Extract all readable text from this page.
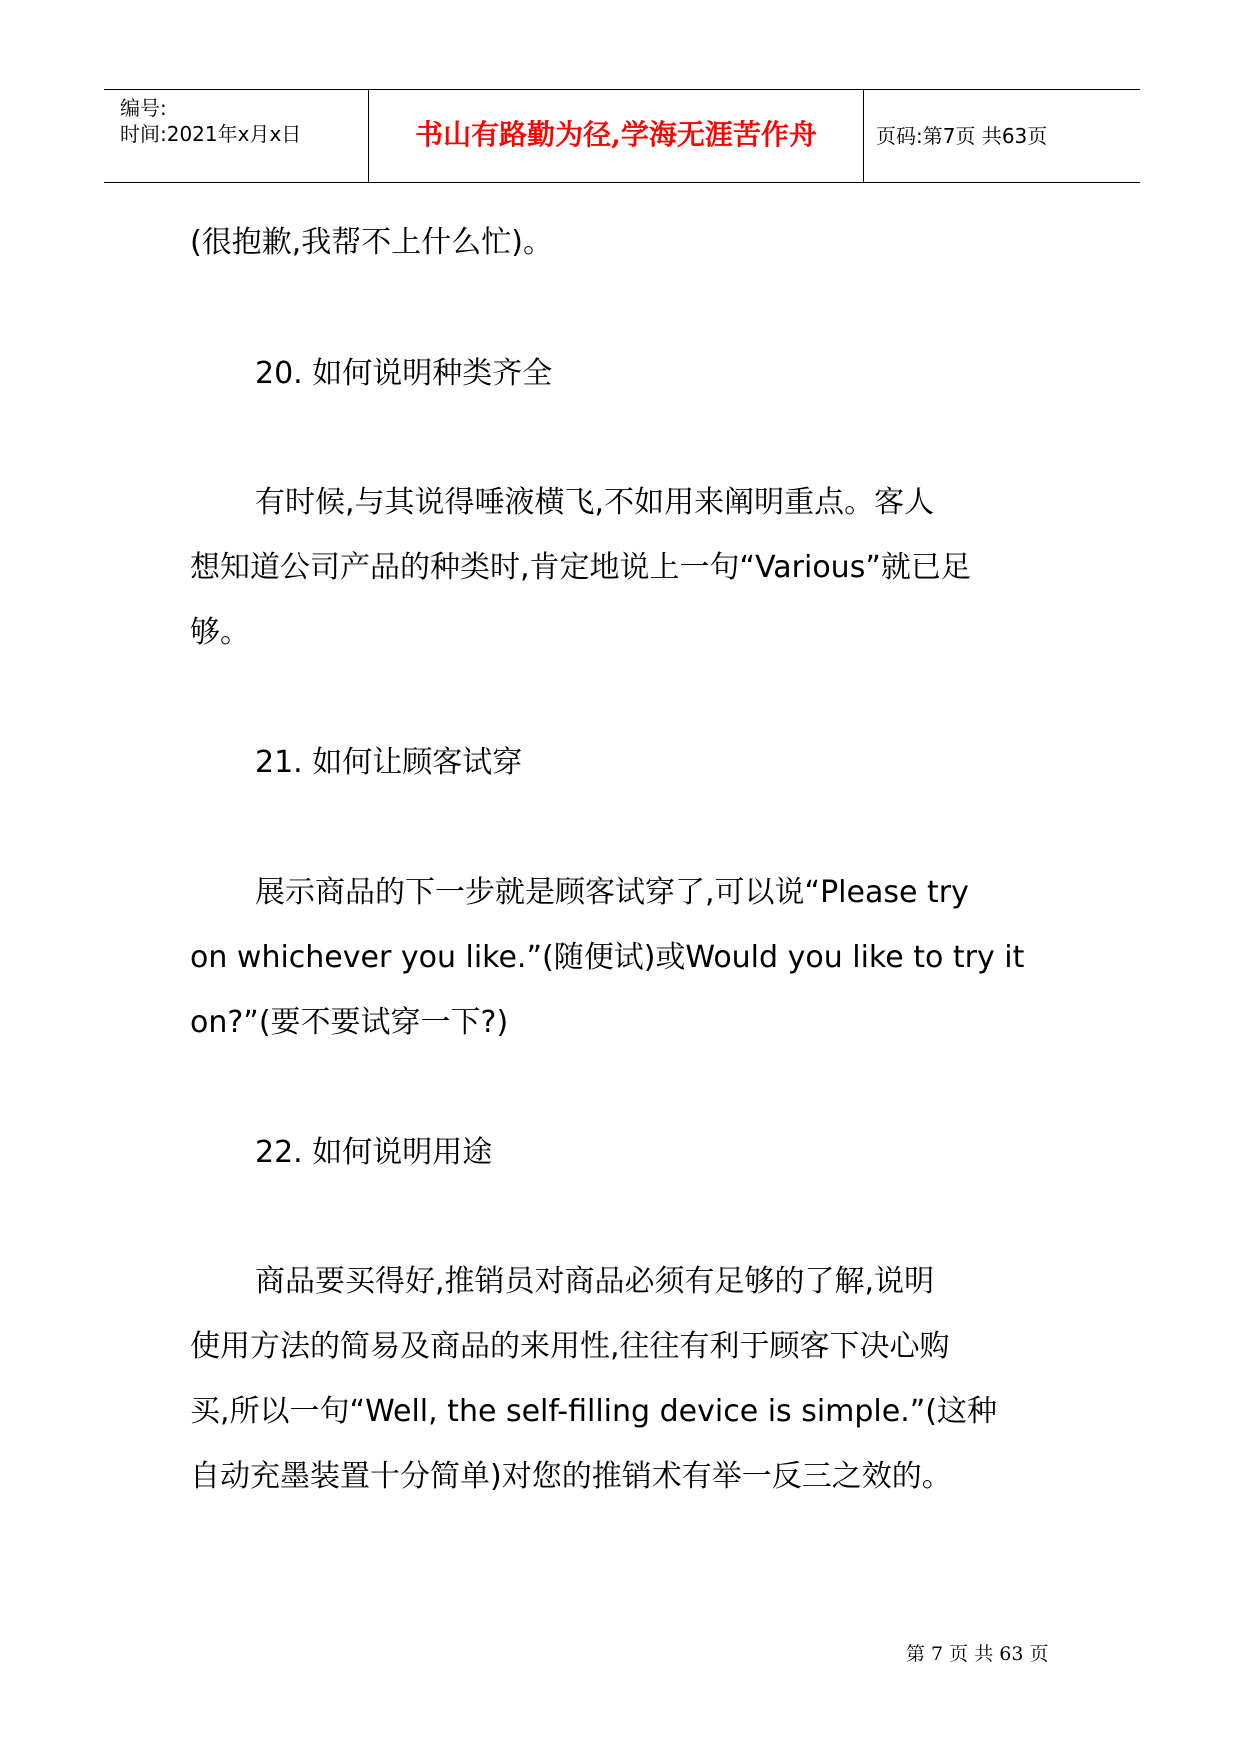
编号:
时间:2021年x月x日	书山有路勤为径,学海无涯苦作舟	页码:第7页 共63页
(很抱歉,我帮不上什么忙)。
20. 如何说明种类齐全
有时候,与其说得唾液横飞,不如用来阐明重点。客人
想知道公司产品的种类时,肯定地说上一句“Various”就已足
够。
21. 如何让顾客试穿
展示商品的下一步就是顾客试穿了,可以说“Please try
on whichever you like.”(随便试)或Would you like to try it
on?”(要不要试穿一下?)
22. 如何说明用途
商品要买得好,推销员对商品必须有足够的了解,说明
使用方法的简易及商品的来用性,往往有利于顾客下决心购
买,所以一句“Well, the self-filling device is simple.”(这种
自动充墨装置十分简单)对您的推销术有举一反三之效的。
第 7 页 共 63 页
